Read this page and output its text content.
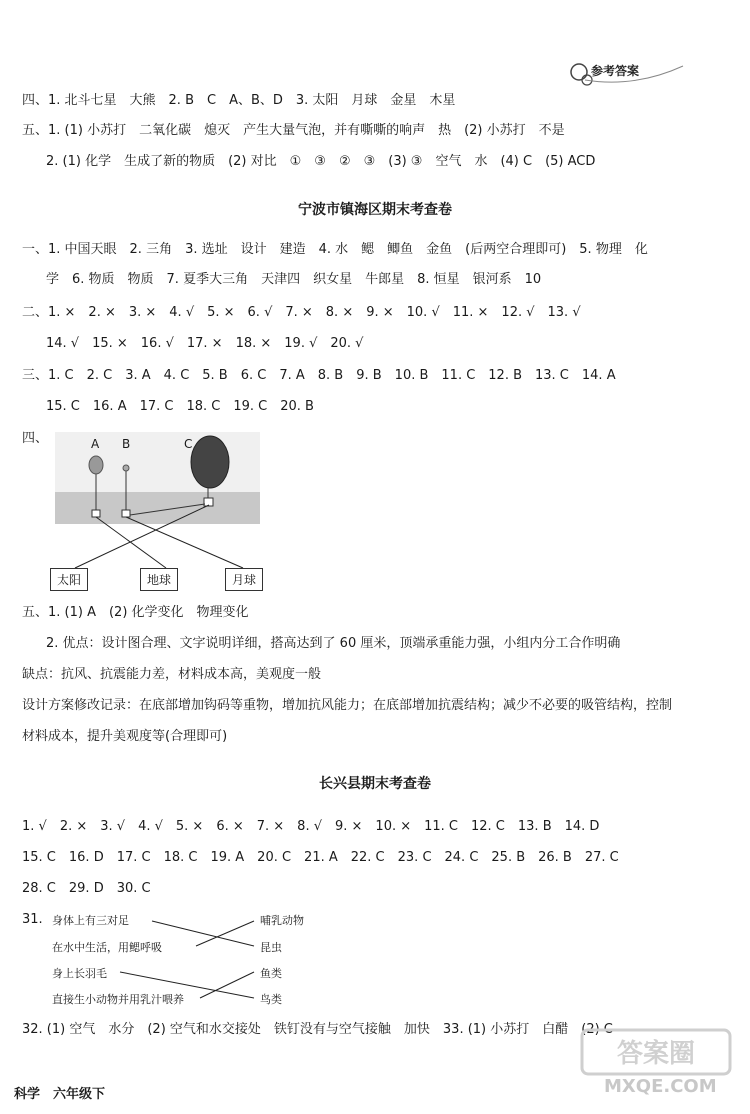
参考答案
四、1. 北斗七星　大熊　2. B　C　A、B、D　3. 太阳　月球　金星　木星
五、1. (1) 小苏打　二氧化碳　熄灭　产生大量气泡，并有嘶嘶的响声　热　(2) 小苏打　不是
2. (1) 化学　生成了新的物质　(2) 对比　①　③　②　③　(3) ③　空气　水　(4) C　(5) ACD
宁波市镇海区期末考查卷
一、1. 中国天眼　2. 三角　3. 选址　设计　建造　4. 水　鳃　鲫鱼　金鱼　(后两空合理即可)　5. 物理　化
学　6. 物质　物质　7. 夏季大三角　天津四　织女星　牛郎星　8. 恒星　银河系　10
二、1. ×　2. ×　3. ×　4. √　5. ×　6. √　7. ×　8. ×　9. ×　10. √　11. ×　12. √　13. √
14. √　15. ×　16. √　17. ×　18. ×　19. √　20. √
三、1. C　2. C　3. A　4. C　5. B　6. C　7. A　8. B　9. B　10. B　11. C　12. B　13. C　14. A
15. C　16. A　17. C　18. C　19. C　20. B
四、	A B	C
太阳	地球	月球
五、1. (1) A　(2) 化学变化　物理变化
2. 优点：设计图合理、文字说明详细，搭高达到了 60 厘米，顶端承重能力强，小组内分工合作明确
缺点：抗风、抗震能力差，材料成本高，美观度一般
设计方案修改记录：在底部增加钩码等重物，增加抗风能力；在底部增加抗震结构；减少不必要的吸管结构，控制
材料成本，提升美观度等(合理即可)
长兴县期末考查卷
1. √　2. ×　3. √　4. √　5. ×　6. ×　7. ×　8. √　9. ×　10. ×　11. C　12. C　13. B　14. D
15. C　16. D　17. C　18. C　19. A　20. C　21. A　22. C　23. C　24. C　25. B　26. B　27. C
28. C　29. D　30. C
31. 身体上有三对足
在水中生活，用鳃呼吸
身上长羽毛
直接生小动物并用乳汁喂养
哺乳动物
昆虫
鱼类
鸟类
32. (1) 空气　水分　(2) 空气和水交接处　铁钉没有与空气接触　加快　33. (1) 小苏打　白醋　(2) C
科学　六年级下
答案圈
MXQE.COM
